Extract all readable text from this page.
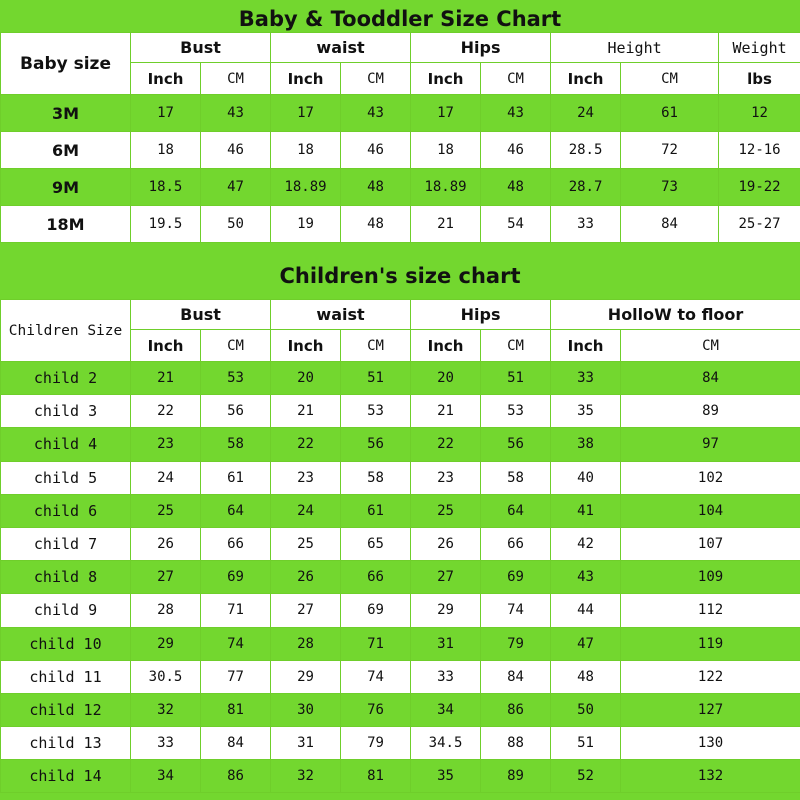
Baby & Tooddler Size Chart
Baby size	Bust		waist		Hips		Height		Weight
	Inch	CM	Inch	CM	Inch	CM	Inch	CM	lbs
3M	17	43	17	43	17	43	24	61	12
6M	18	46	18	46	18	46	28.5	72	12-16
9M	18.5	47	18.89	48	18.89	48	28.7	73	19-22
18M	19.5	50	19	48	21	54	33	84	25-27
Children's size chart
Children Size	Bust		waist		Hips		HolloW to floor	
	Inch	CM	Inch	CM	Inch	CM	Inch	CM
child 2	21	53	20	51	20	51	33	84
child 3	22	56	21	53	21	53	35	89
child 4	23	58	22	56	22	56	38	97
child 5	24	61	23	58	23	58	40	102
child 6	25	64	24	61	25	64	41	104
child 7	26	66	25	65	26	66	42	107
child 8	27	69	26	66	27	69	43	109
child 9	28	71	27	69	29	74	44	112
child 10	29	74	28	71	31	79	47	119
child 11	30.5	77	29	74	33	84	48	122
child 12	32	81	30	76	34	86	50	127
child 13	33	84	31	79	34.5	88	51	130
child 14	34	86	32	81	35	89	52	132
